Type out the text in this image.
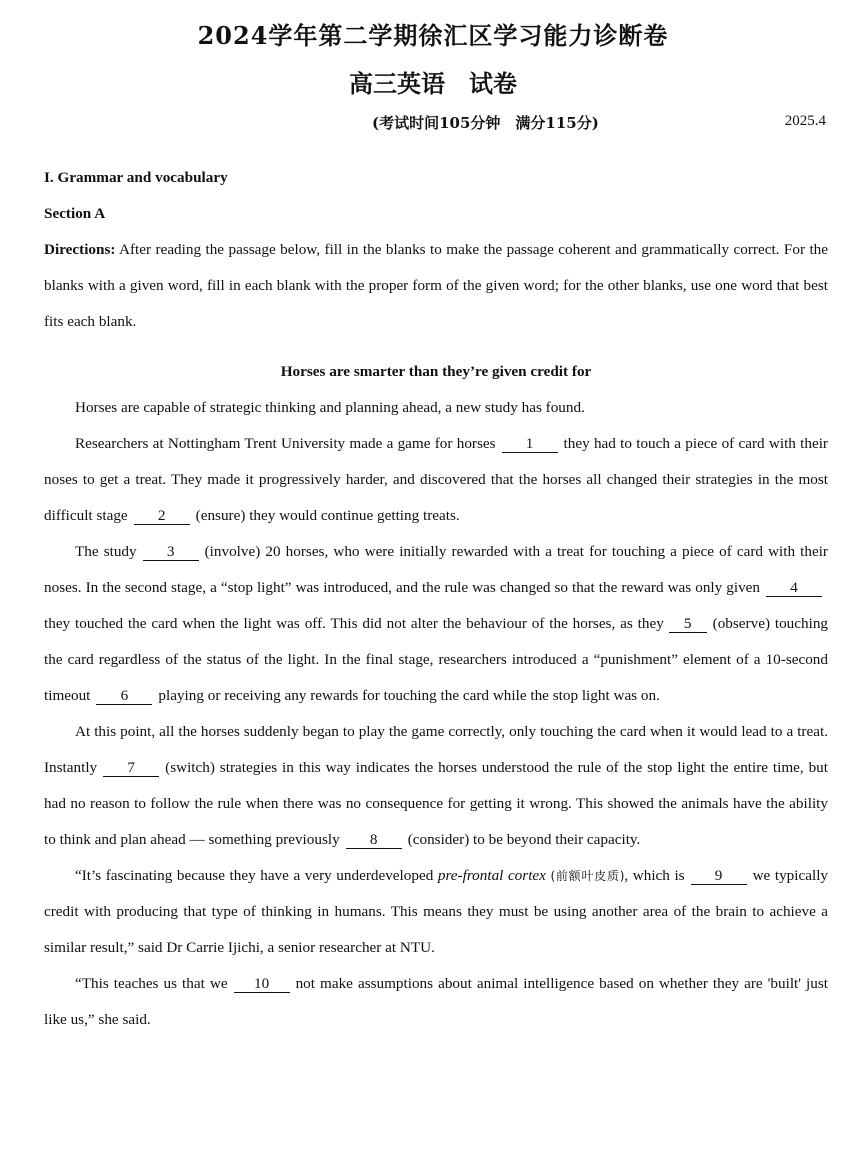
2024学年第二学期徐汇区学习能力诊断卷
高三英语 试卷
(考试时间105分钟　满分115分)	2025.4

I. Grammar and vocabulary

Section A

Directions: After reading the passage below, fill in the blanks to make the passage coherent and grammatically correct. For the blanks with a given word, fill in each blank with the proper form of the given word; for the other blanks, use one word that best fits each blank.

Horses are smarter than they’re given credit for

Horses are capable of strategic thinking and planning ahead, a new study has found.

Researchers at Nottingham Trent University made a game for horses 1 they had to touch a piece of card with their noses to get a treat. They made it progressively harder, and discovered that the horses all changed their strategies in the most difficult stage 2 (ensure) they would continue getting treats.

The study 3 (involve) 20 horses, who were initially rewarded with a treat for touching a piece of card with their noses. In the second stage, a “stop light” was introduced, and the rule was changed so that the reward was only given 4they touched the card when the light was off. This did not alter the behaviour of the horses, as they 5 (observe) touching the card regardless of the status of the light. In the final stage, researchers introduced a “punishment” element of a 10-second timeout 6 playing or receiving any rewards for touching the card while the stop light was on.

At this point, all the horses suddenly began to play the game correctly, only touching the card when it would lead to a treat. Instantly 7 (switch) strategies in this way indicates the horses understood the rule of the stop light the entire time, but had no reason to follow the rule when there was no consequence for getting it wrong. This showed the animals have the ability to think and plan ahead — something previously 8 (consider) to be beyond their capacity.

“It’s fascinating because they have a very underdeveloped pre-frontal cortex (前额叶皮质), which is 9 we typically credit with producing that type of thinking in humans. This means they must be using another area of the brain to achieve a similar result,” said Dr Carrie Ijichi, a senior researcher at NTU.

“This teaches us that we 10 not make assumptions about animal intelligence based on whether they are 'built' just like us,” she said.
